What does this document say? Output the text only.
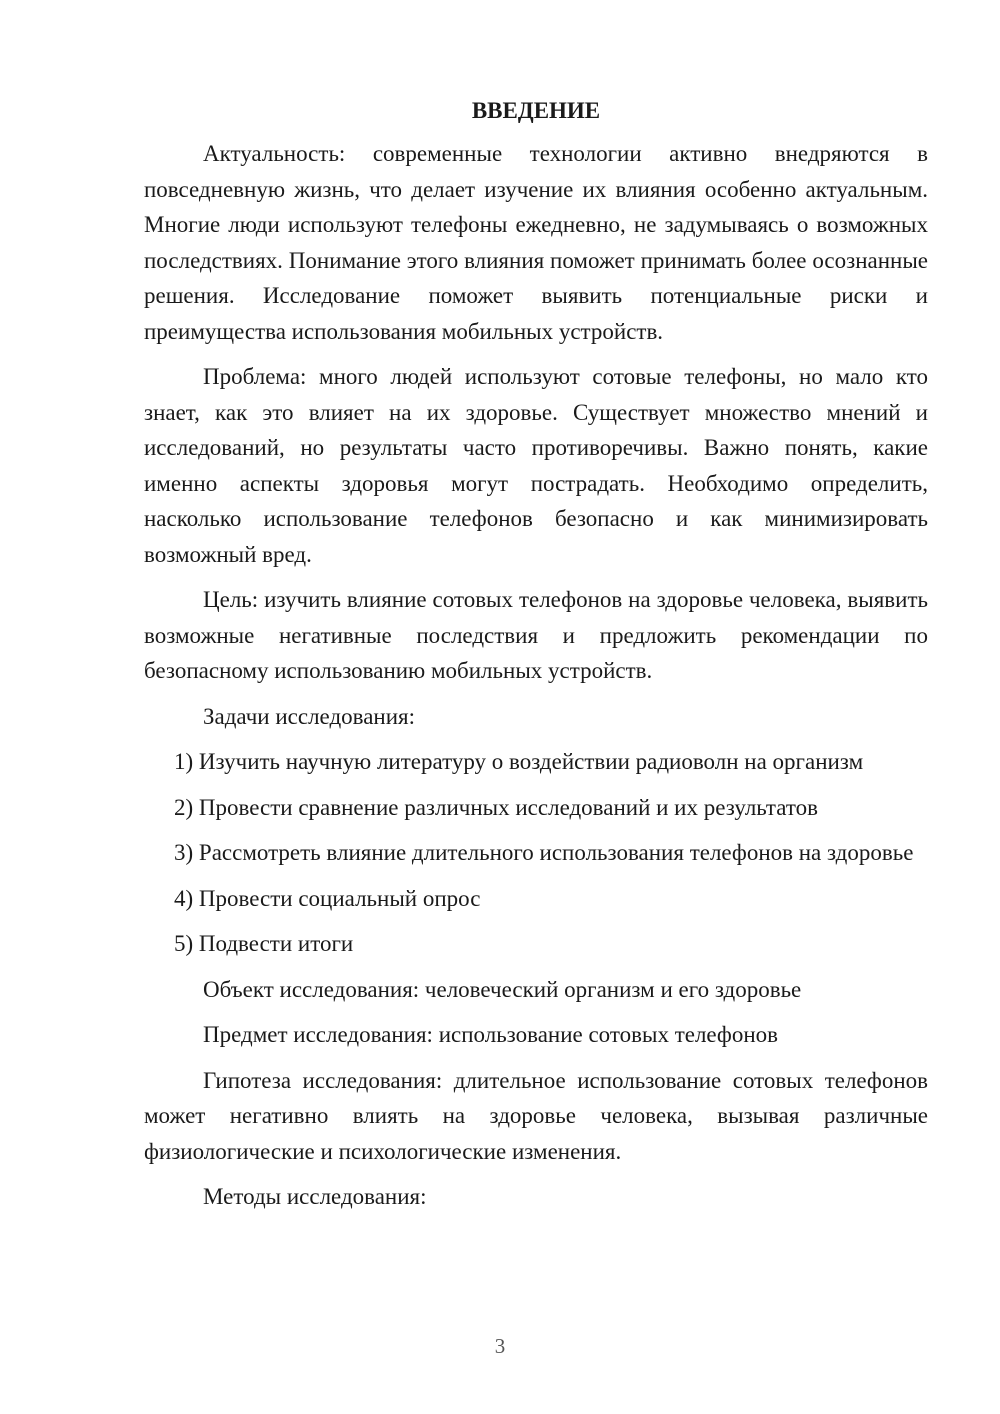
ВВЕДЕНИЕ

Актуальность: современные технологии активно внедряются в повседневную жизнь, что делает изучение их влияния особенно актуальным. Многие люди используют телефоны ежедневно, не задумываясь о возможных последствиях. Понимание этого влияния поможет принимать более осознанные решения. Исследование поможет выявить потенциальные риски и преимущества использования мобильных устройств.

Проблема: много людей используют сотовые телефоны, но мало кто знает, как это влияет на их здоровье. Существует множество мнений и исследований, но результаты часто противоречивы. Важно понять, какие именно аспекты здоровья могут пострадать. Необходимо определить, насколько использование телефонов безопасно и как минимизировать возможный вред.

Цель: изучить влияние сотовых телефонов на здоровье человека, выявить возможные негативные последствия и предложить рекомендации по безопасному использованию мобильных устройств.

Задачи исследования:

1) Изучить научную литературу о воздействии радиоволн на организм

2) Провести сравнение различных исследований и их результатов

3) Рассмотреть влияние длительного использования телефонов на здоровье

4) Провести социальный опрос

5) Подвести итоги

Объект исследования: человеческий организм и его здоровье

Предмет исследования: использование сотовых телефонов

Гипотеза исследования: длительное использование сотовых телефонов может негативно влиять на здоровье человека, вызывая различные физиологические и психологические изменения.

Методы исследования:

3
